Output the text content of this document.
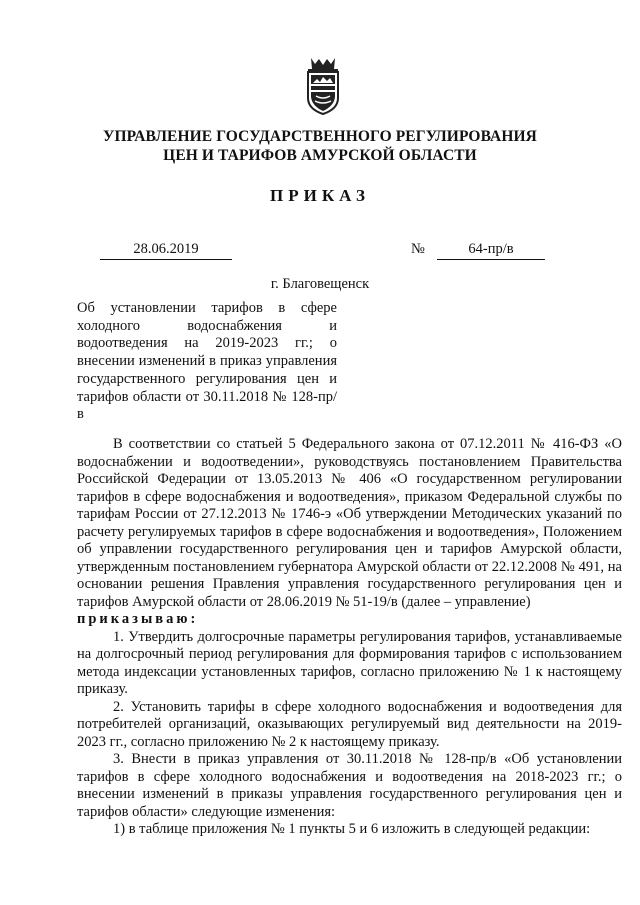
УПРАВЛЕНИЕ ГОСУДАРСТВЕННОГО РЕГУЛИРОВАНИЯ
ЦЕН И ТАРИФОВ АМУРСКОЙ ОБЛАСТИ
ПРИКАЗ
28.06.2019	№	64-пр/в
г. Благовещенск
Об установлении тарифов в сфере холодного водоснабжения и водоотведения на 2019-2023 гг.; о внесении изменений в приказ управления государственного регулирования цен и тарифов области от 30.11.2018 № 128-пр/в

В соответствии со статьей 5 Федерального закона от 07.12.2011 № 416-ФЗ «О водоснабжении и водоотведении», руководствуясь постановлением Правительства Российской Федерации от 13.05.2013 № 406 «О государственном регулировании тарифов в сфере водоснабжения и водоотведения», приказом Федеральной службы по тарифам России от 27.12.2013 № 1746-э «Об утверждении Методических указаний по расчету регулируемых тарифов в сфере водоснабжения и водоотведения», Положением об управлении государственного регулирования цен и тарифов Амурской области, утвержденным постановлением губернатора Амурской области от 22.12.2008 № 491, на основании решения Правления управления государственного регулирования цен и тарифов Амурской области от 28.06.2019 № 51-19/в (далее – управление)

приказываю:

1. Утвердить долгосрочные параметры регулирования тарифов, устанавливаемые на долгосрочный период регулирования для формирования тарифов с использованием метода индексации установленных тарифов, согласно приложению № 1 к настоящему приказу.

2. Установить тарифы в сфере холодного водоснабжения и водоотведения для потребителей организаций, оказывающих регулируемый вид деятельности на 2019-2023 гг., согласно приложению № 2 к настоящему приказу.

3. Внести в приказ управления от 30.11.2018 № 128-пр/в «Об установлении тарифов в сфере холодного водоснабжения и водоотведения на 2018-2023 гг.; о внесении изменений в приказы управления государственного регулирования цен и тарифов области» следующие изменения:

1) в таблице приложения № 1 пункты 5 и 6 изложить в следующей редакции:
